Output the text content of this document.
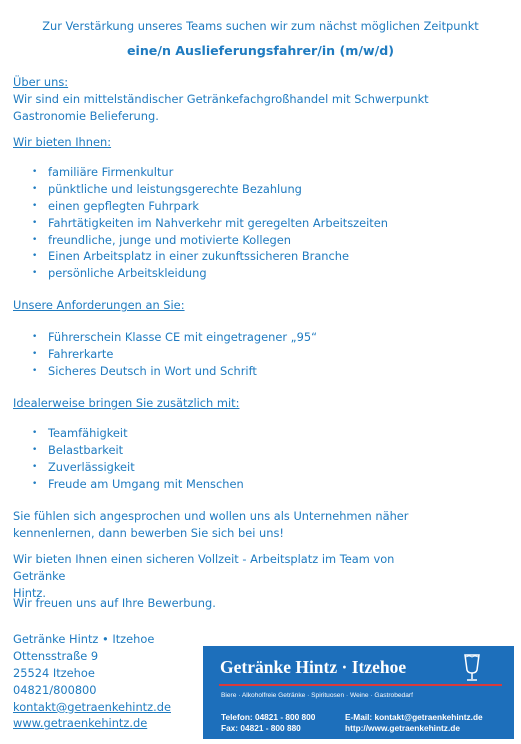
Zur Verstärkung unseres Teams suchen wir zum nächst möglichen Zeitpunkt
eine/n Auslieferungsfahrer/in (m/w/d)
Über uns:
Wir sind ein mittelständischer Getränkefachgroßhandel mit Schwerpunkt
Gastronomie Belieferung.
Wir bieten Ihnen:
• familiäre Firmenkultur
• pünktliche und leistungsgerechte Bezahlung
• einen gepflegten Fuhrpark
• Fahrtätigkeiten im Nahverkehr mit geregelten Arbeitszeiten
• freundliche, junge und motivierte Kollegen
• Einen Arbeitsplatz in einer zukunftssicheren Branche
• persönliche Arbeitskleidung
Unsere Anforderungen an Sie:
• Führerschein Klasse CE mit eingetragener „95“
• Fahrerkarte
• Sicheres Deutsch in Wort und Schrift
Idealerweise bringen Sie zusätzlich mit:
• Teamfähigkeit
• Belastbarkeit
• Zuverlässigkeit
• Freude am Umgang mit Menschen
Sie fühlen sich angesprochen und wollen uns als Unternehmen näher
kennenlernen, dann bewerben Sie sich bei uns!
Wir bieten Ihnen einen sicheren Vollzeit - Arbeitsplatz im Team von Getränke
Hintz.
Wir freuen uns auf Ihre Bewerbung.
Getränke Hintz • Itzehoe
Ottensstraße 9
25524 Itzehoe
04821/800800
kontakt@getraenkehintz.de
www.getraenkehintz.de
Getränke Hintz · Itzehoe
Biere · Alkoholfreie Getränke · Spirituosen · Weine · Gastrobedarf
Telefon: 04821 - 800 800
Fax: 04821 - 800 880
E-Mail: kontakt@getraenkehintz.de
http://www.getraenkehintz.de
